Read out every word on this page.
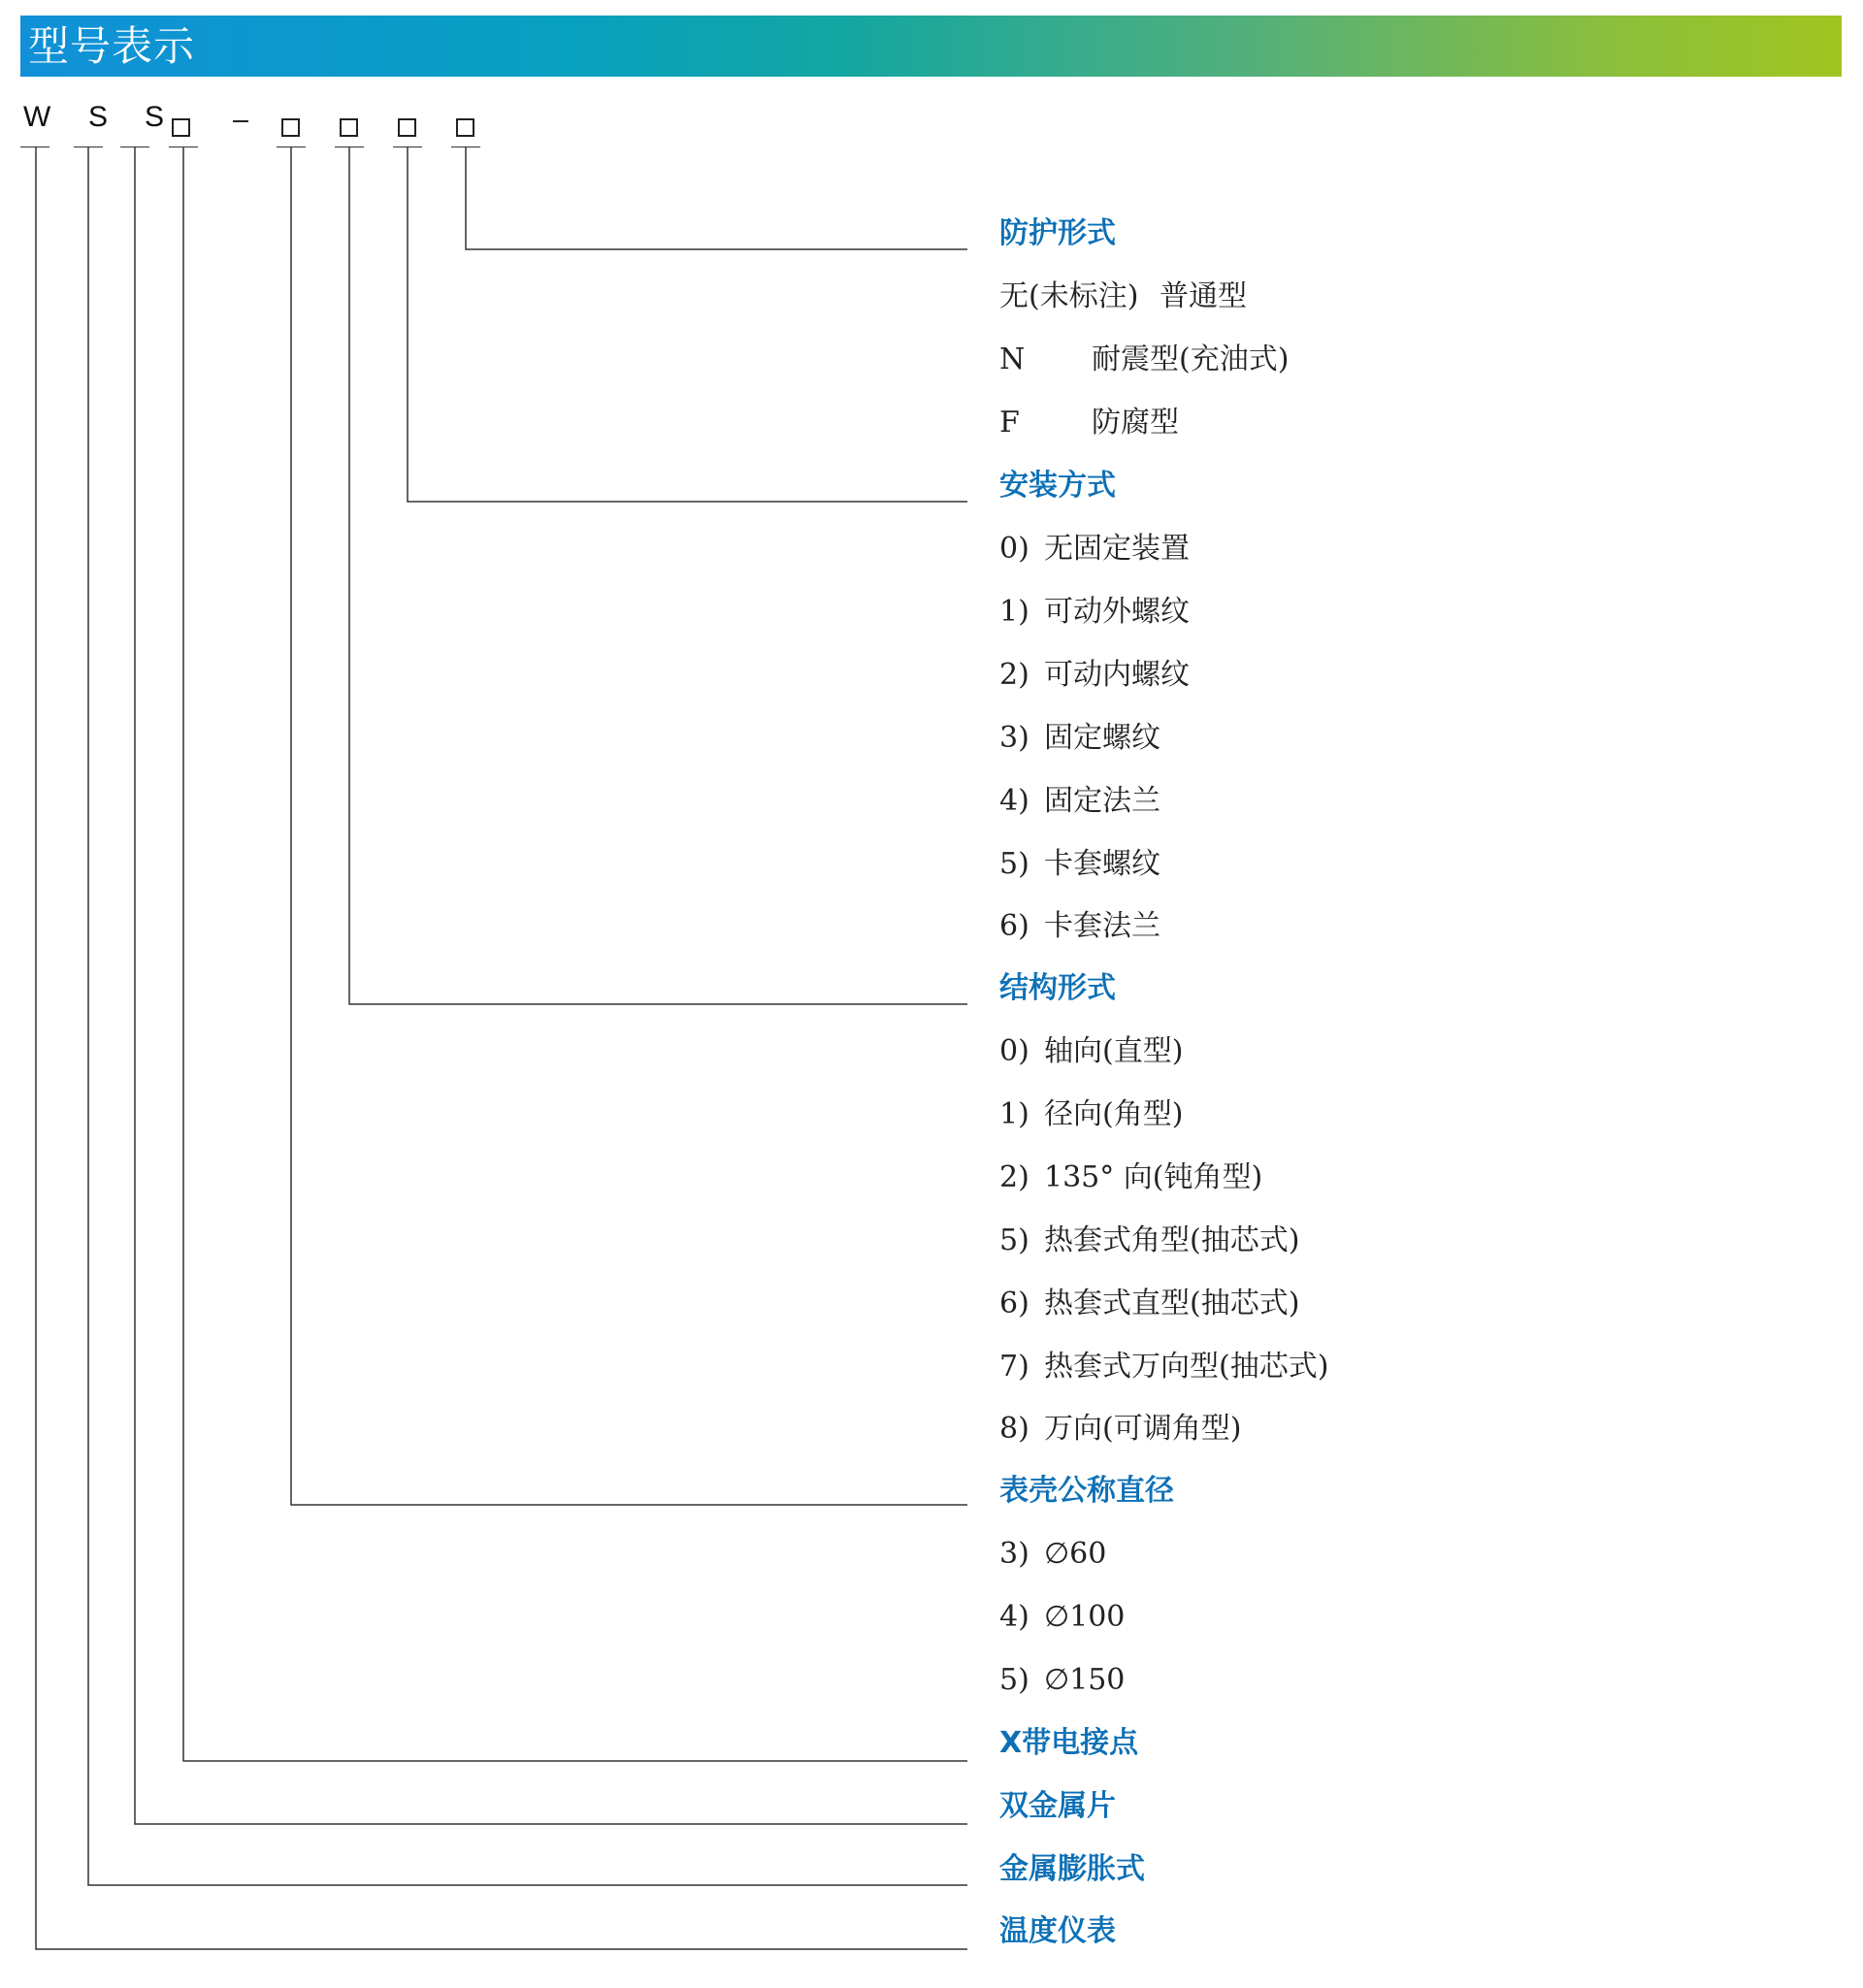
型号表示
W S S
防护形式
无(未标注) 普通型
N 耐震型(充油式)
F 防腐型
安装方式
0) 无固定装置
1) 可动外螺纹
2) 可动内螺纹
3) 固定螺纹
4) 固定法兰
5) 卡套螺纹
6) 卡套法兰
结构形式
0) 轴向(直型)
1) 径向(角型)
2) 135° 向(钝角型)
5) 热套式角型(抽芯式)
6) 热套式直型(抽芯式)
7) 热套式万向型(抽芯式)
8) 万向(可调角型)
表壳公称直径
3) ∅60
4) ∅100
5) ∅150
X带电接点
双金属片
金属膨胀式
温度仪表
